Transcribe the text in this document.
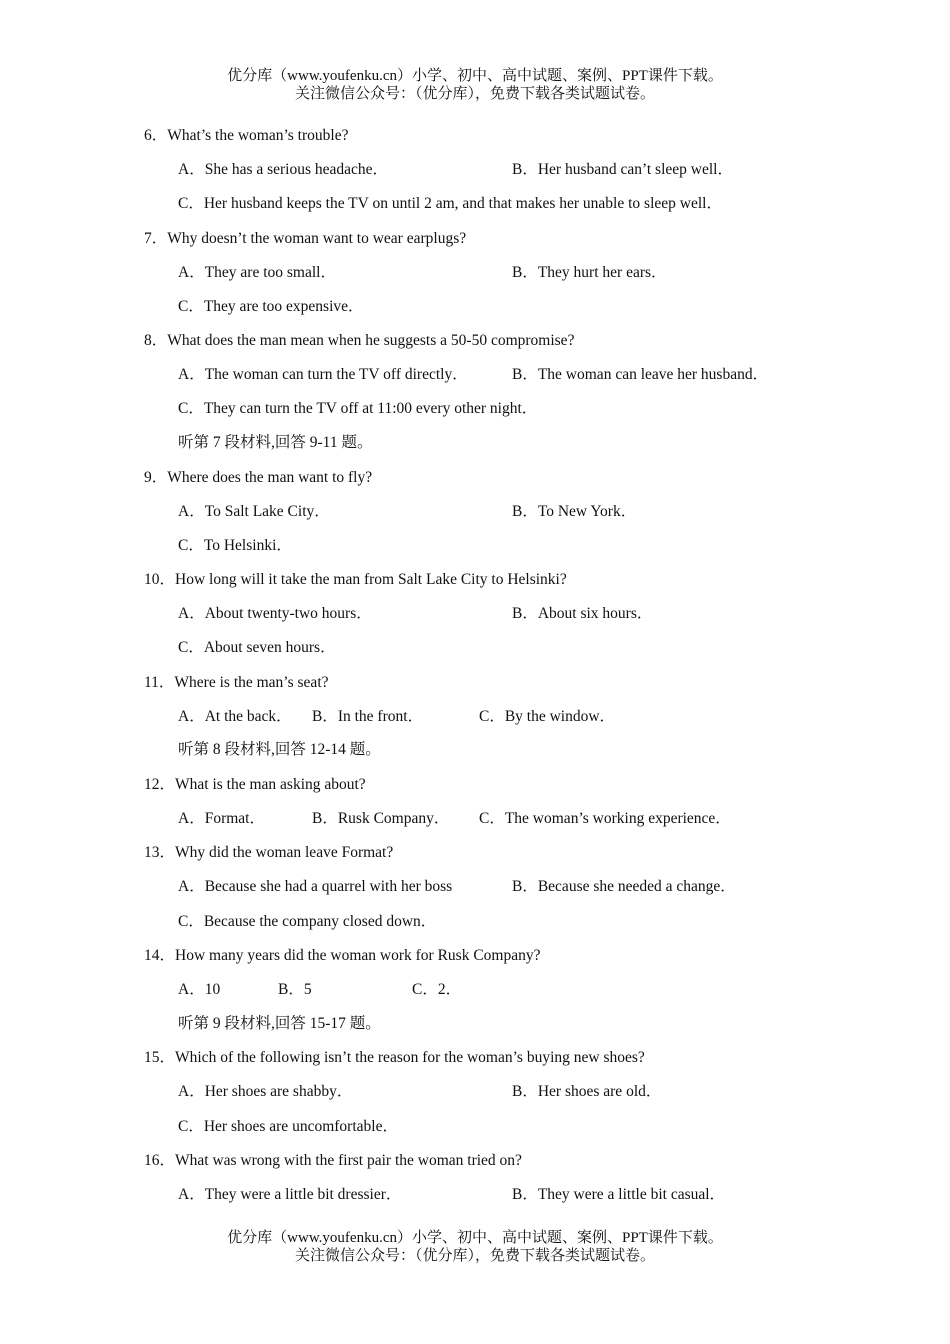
优分库（www.youfenku.cn）小学、初中、高中试题、案例、PPT课件下载。
关注微信公众号：（优分库），免费下载各类试题试卷。
6．What’s the woman’s trouble?
A．She has a serious headache．	B．Her husband can’t sleep well．
C．Her husband keeps the TV on until 2 am, and that makes her unable to sleep well．
7．Why doesn’t the woman want to wear earplugs?
A．They are too small．	B．They hurt her ears．
C．They are too expensive．
8．What does the man mean when he suggests a 50-50 compromise?
A．The woman can turn the TV off directly．	B．The woman can leave her husband．
C．They can turn the TV off at 11:00 every other night．
听第 7 段材料,回答 9-11 题。
9．Where does the man want to fly?
A．To Salt Lake City．	B．To New York．
C．To Helsinki．
10．How long will it take the man from Salt Lake City to Helsinki?
A．About twenty-two hours．	B．About six hours．
C．About seven hours．
11．Where is the man’s seat?
A．At the back． B．In the front．	C．By the window．
听第 8 段材料,回答 12-14 题。
12．What is the man asking about?
A．Format．	B．Rusk Company． C．The woman’s working experience．
13．Why did the woman leave Format?
A．Because she had a quarrel with her boss	B．Because she needed a change．
C．Because the company closed down．
14．How many years did the woman work for Rusk Company?
A．10	B．5	C．2．
听第 9 段材料,回答 15-17 题。
15．Which of the following isn’t the reason for the woman’s buying new shoes?
A．Her shoes are shabby．	B．Her shoes are old．
C．Her shoes are uncomfortable．
16．What was wrong with the first pair the woman tried on?
A．They were a little bit dressier．	B．They were a little bit casual．
优分库（www.youfenku.cn）小学、初中、高中试题、案例、PPT课件下载。
关注微信公众号：（优分库），免费下载各类试题试卷。
